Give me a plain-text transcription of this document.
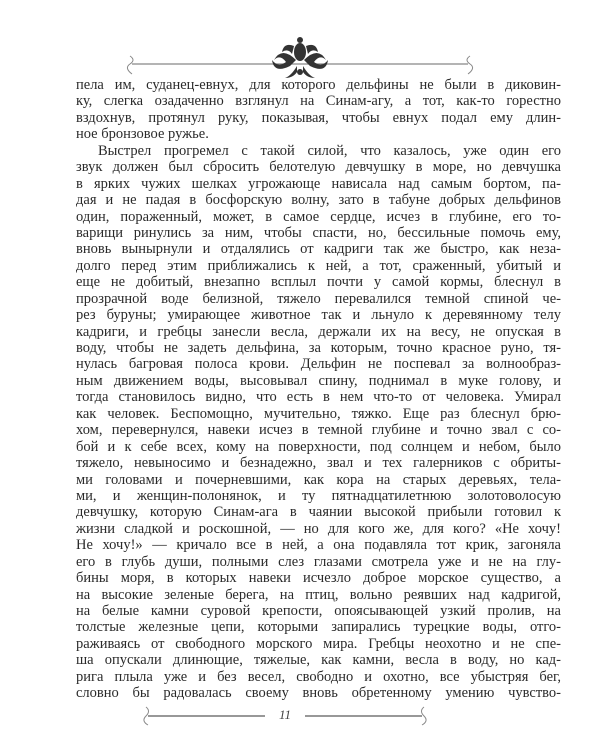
пела им, суданец-евнух, для которого дельфины не были в диковин-
ку, слегка озадаченно взглянул на Синам-агу, а тот, как-то горестно
вздохнув, протянул руку, показывая, чтобы евнух подал ему длин-
ное бронзовое ружье.
Выстрел прогремел с такой силой, что казалось, уже один его
звук должен был сбросить белотелую девчушку в море, но девчушка
в ярких чужих шелках угрожающе нависала над самым бортом, па-
дая и не падая в босфорскую волну, зато в табуне добрых дельфинов
один, пораженный, может, в самое сердце, исчез в глубине, его то-
варищи ринулись за ним, чтобы спасти, но, бессильные помочь ему,
вновь вынырнули и отдалялись от кадриги так же быстро, как неза-
долго перед этим приближались к ней, а тот, сраженный, убитый и
еще не добитый, внезапно всплыл почти у самой кормы, блеснул в
прозрачной воде белизной, тяжело перевалился темной спиной че-
рез буруны; умирающее животное так и льнуло к деревянному телу
кадриги, и гребцы занесли весла, держали их на весу, не опуская в
воду, чтобы не задеть дельфина, за которым, точно красное руно, тя-
нулась багровая полоса крови. Дельфин не поспевал за волнообраз-
ным движением воды, высовывал спину, поднимал в муке голову, и
тогда становилось видно, что есть в нем что-то от человека. Умирал
как человек. Беспомощно, мучительно, тяжко. Еще раз блеснул брю-
хом, перевернулся, навеки исчез в темной глубине и точно звал с со-
бой и к себе всех, кому на поверхности, под солнцем и небом, было
тяжело, невыносимо и безнадежно, звал и тех галерников с обриты-
ми головами и почерневшими, как кора на старых деревьях, тела-
ми, и женщин-полонянок, и ту пятнадцатилетнюю золотоволосую
девчушку, которую Синам-ага в чаянии высокой прибыли готовил к
жизни сладкой и роскошной, — но для кого же, для кого? «Не хочу!
Не хочу!» — кричало все в ней, а она подавляла тот крик, загоняла
его в глубь души, полными слез глазами смотрела уже и не на глу-
бины моря, в которых навеки исчезло доброе морское существо, а
на высокие зеленые берега, на птиц, вольно реявших над кадригой,
на белые камни суровой крепости, опоясывающей узкий пролив, на
толстые железные цепи, которыми запирались турецкие воды, отго-
раживаясь от свободного морского мира. Гребцы неохотно и не спе-
ша опускали длинющие, тяжелые, как камни, весла в воду, но кад-
рига плыла уже и без весел, свободно и охотно, все убыстряя бег,
словно бы радовалась своему вновь обретенному умению чувство-
11
